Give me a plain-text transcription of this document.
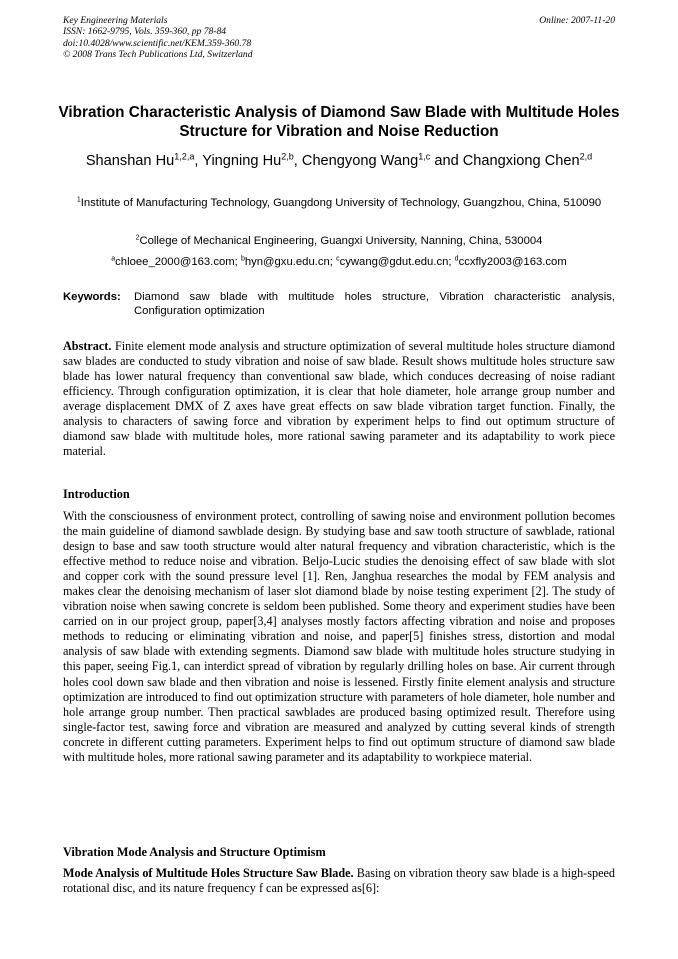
Key Engineering Materials
ISSN: 1662-9795, Vols. 359-360, pp 78-84
doi:10.4028/www.scientific.net/KEM.359-360.78
© 2008 Trans Tech Publications Ltd, Switzerland
Online: 2007-11-20
Vibration Characteristic Analysis of Diamond Saw Blade with Multitude Holes Structure for Vibration and Noise Reduction
Shanshan Hu$^{1,2,a}$, Yingning Hu$^{2,b}$, Chengyong Wang$^{1,c}$ and Changxiong Chen$^{2,d}$
$^1$Institute of Manufacturing Technology, Guangdong University of Technology, Guangzhou, China, 510090
$^2$College of Mechanical Engineering, Guangxi University, Nanning, China, 530004
$^a$chloee_2000@163.com; $^b$hyn@gxu.edu.cn; $^c$cywang@gdut.edu.cn; $^d$ccxfly2003@163.com
Keywords:	Diamond saw blade with multitude holes structure, Vibration characteristic analysis, Configuration optimization
Abstract. Finite element mode analysis and structure optimization of several multitude holes structure diamond saw blades are conducted to study vibration and noise of saw blade. Result shows multitude holes structure saw blade has lower natural frequency than conventional saw blade, which conduces decreasing of noise radiant efficiency. Through configuration optimization, it is clear that hole diameter, hole arrange group number and average displacement DMX of Z axes have great effects on saw blade vibration target function. Finally, the analysis to characters of sawing force and vibration by experiment helps to find out optimum structure of diamond saw blade with multitude holes, more rational sawing parameter and its adaptability to work piece material.
Introduction
With the consciousness of environment protect, controlling of sawing noise and environment pollution becomes the main guideline of diamond sawblade design. By studying base and saw tooth structure of sawblade, rational design to base and saw tooth structure would alter natural frequency and vibration characteristic, which is the effective method to reduce noise and vibration. Beljo-Lucic studies the denoising effect of saw blade with slot and copper cork with the sound pressure level [1]. Ren, Janghua researches the modal by FEM analysis and makes clear the denoising mechanism of laser slot diamond blade by noise testing experiment [2]. The study of vibration noise when sawing concrete is seldom been published. Some theory and experiment studies have been carried on in our project group, paper[3,4] analyses mostly factors affecting vibration and noise and proposes methods to reducing or eliminating vibration and noise, and paper[5] finishes stress, distortion and modal analysis of saw blade with extending segments. Diamond saw blade with multitude holes structure studying in this paper, seeing Fig.1, can interdict spread of vibration by regularly drilling holes on base. Air current through holes cool down saw blade and then vibration and noise is lessened. Firstly finite element analysis and structure optimization are introduced to find out optimization structure with parameters of hole diameter, hole number and hole arrange group number. Then practical sawblades are produced basing optimized result. Therefore using single-factor test, sawing force and vibration are measured and analyzed by cutting several kinds of strength concrete in different cutting parameters. Experiment helps to find out optimum structure of diamond saw blade with multitude holes, more rational sawing parameter and its adaptability to workpiece material.
Vibration Mode Analysis and Structure Optimism
Mode Analysis of Multitude Holes Structure Saw Blade. Basing on vibration theory saw blade is a high-speed rotational disc, and its nature frequency f can be expressed as[6]:
